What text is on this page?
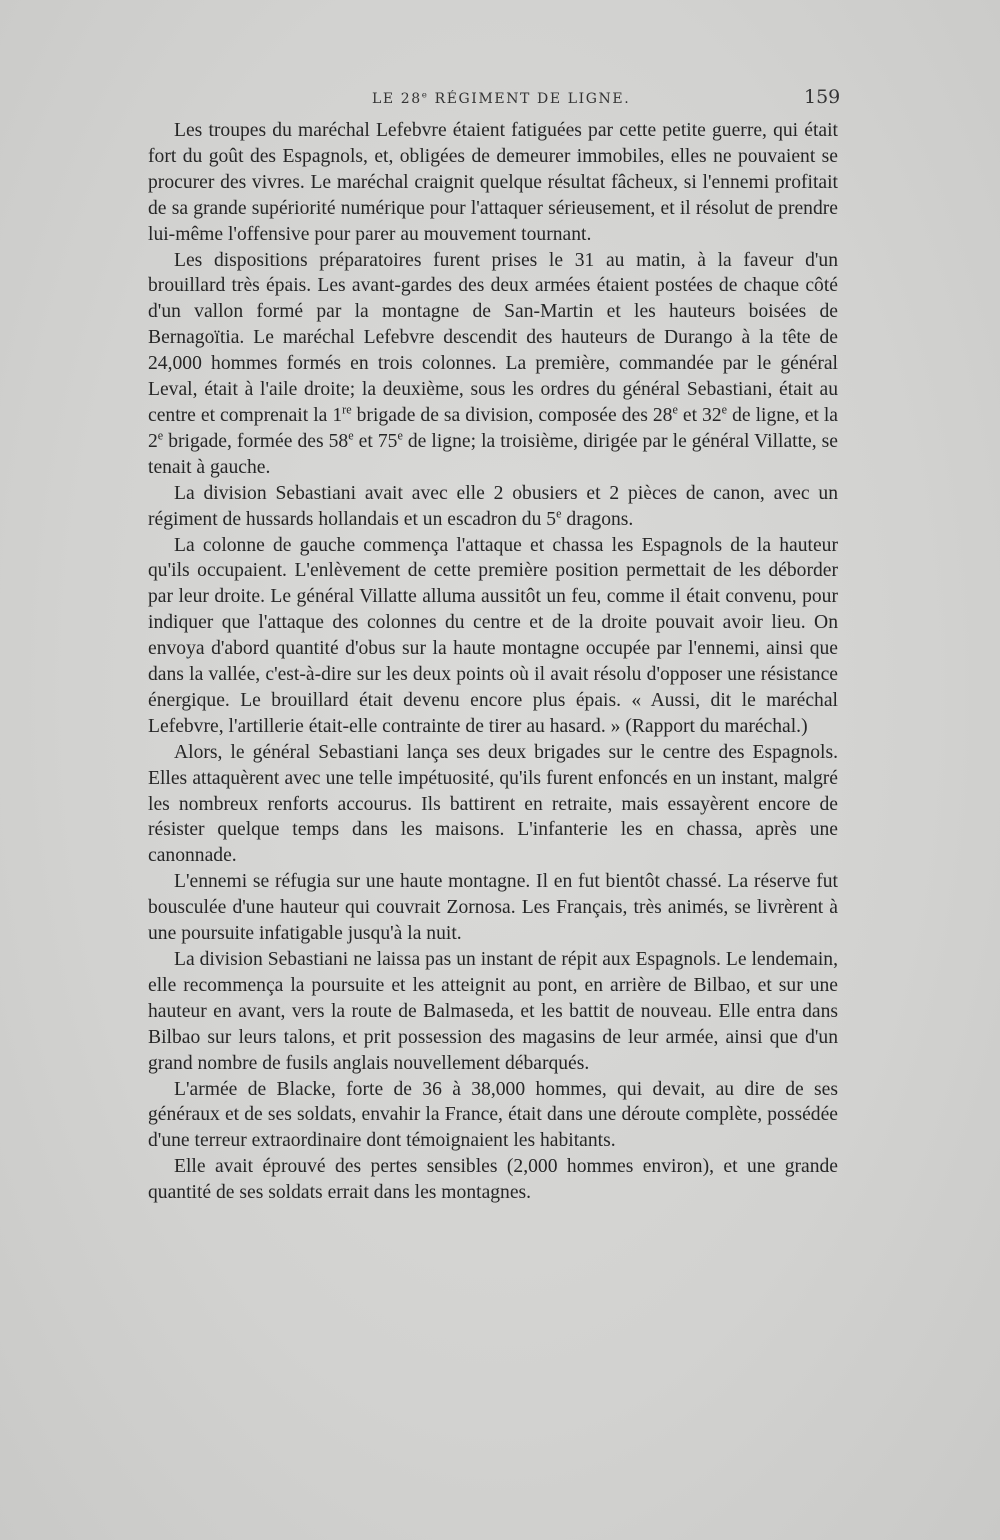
LE 28e RÉGIMENT DE LIGNE.	159

Les troupes du maréchal Lefebvre étaient fatiguées par cette petite guerre, qui était fort du goût des Espagnols, et, obligées de demeurer immobiles, elles ne pouvaient se procurer des vivres. Le maréchal craignit quelque résultat fâcheux, si l'ennemi profitait de sa grande supériorité numérique pour l'attaquer sérieusement, et il résolut de prendre lui-même l'offensive pour parer au mouvement tournant.

Les dispositions préparatoires furent prises le 31 au matin, à la faveur d'un brouillard très épais. Les avant-gardes des deux armées étaient postées de chaque côté d'un vallon formé par la montagne de San-Martin et les hauteurs boisées de Bernagoïtia. Le maréchal Lefebvre descendit des hauteurs de Durango à la tête de 24,000 hommes formés en trois colonnes. La première, commandée par le général Leval, était à l'aile droite; la deuxième, sous les ordres du général Sebastiani, était au centre et comprenait la 1re brigade de sa division, composée des 28e et 32e de ligne, et la 2e brigade, formée des 58e et 75e de ligne; la troisième, dirigée par le général Villatte, se tenait à gauche.

La division Sebastiani avait avec elle 2 obusiers et 2 pièces de canon, avec un régiment de hussards hollandais et un escadron du 5e dragons.

La colonne de gauche commença l'attaque et chassa les Espagnols de la hauteur qu'ils occupaient. L'enlèvement de cette première position permettait de les déborder par leur droite. Le général Villatte alluma aussitôt un feu, comme il était convenu, pour indiquer que l'attaque des colonnes du centre et de la droite pouvait avoir lieu. On envoya d'abord quantité d'obus sur la haute montagne occupée par l'ennemi, ainsi que dans la vallée, c'est-à-dire sur les deux points où il avait résolu d'opposer une résistance énergique. Le brouillard était devenu encore plus épais. « Aussi, dit le maréchal Lefebvre, l'artillerie était-elle contrainte de tirer au hasard. » (Rapport du maréchal.)

Alors, le général Sebastiani lança ses deux brigades sur le centre des Espagnols. Elles attaquèrent avec une telle impétuosité, qu'ils furent enfoncés en un instant, malgré les nombreux renforts accourus. Ils battirent en retraite, mais essayèrent encore de résister quelque temps dans les maisons. L'infanterie les en chassa, après une canonnade.

L'ennemi se réfugia sur une haute montagne. Il en fut bientôt chassé. La réserve fut bousculée d'une hauteur qui couvrait Zornosa. Les Français, très animés, se livrèrent à une poursuite infatigable jusqu'à la nuit.

La division Sebastiani ne laissa pas un instant de répit aux Espagnols. Le lendemain, elle recommença la poursuite et les atteignit au pont, en arrière de Bilbao, et sur une hauteur en avant, vers la route de Balmaseda, et les battit de nouveau. Elle entra dans Bilbao sur leurs talons, et prit possession des magasins de leur armée, ainsi que d'un grand nombre de fusils anglais nouvellement débarqués.

L'armée de Blacke, forte de 36 à 38,000 hommes, qui devait, au dire de ses généraux et de ses soldats, envahir la France, était dans une déroute complète, possédée d'une terreur extraordinaire dont témoignaient les habitants.

Elle avait éprouvé des pertes sensibles (2,000 hommes environ), et une grande quantité de ses soldats errait dans les montagnes.
